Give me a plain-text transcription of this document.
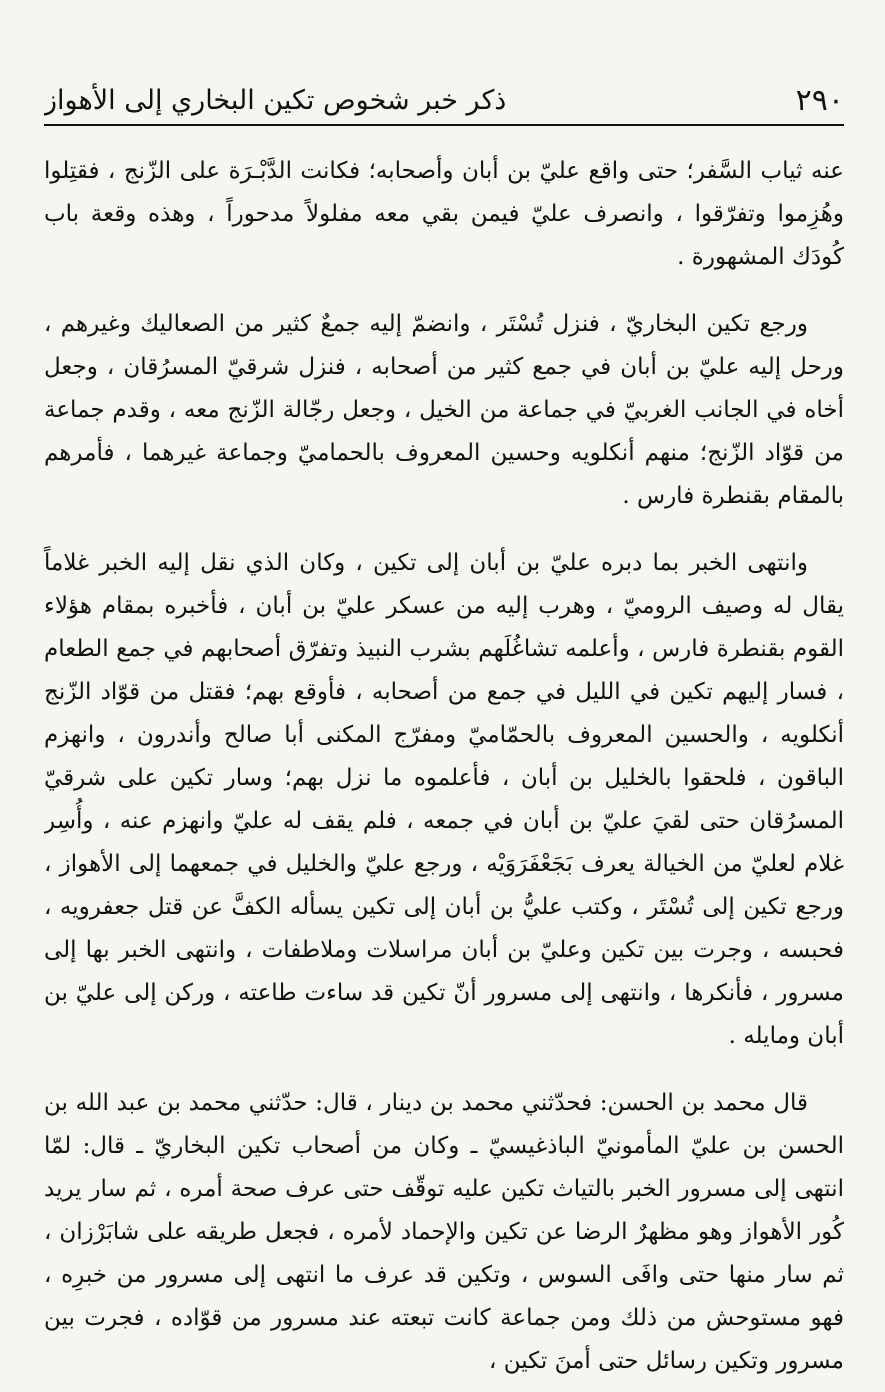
٢٩٠
ذكر خبر شخوص تكين البخاري إلى الأهواز

عنه ثياب السَّفر؛ حتى واقع عليّ بن أبان وأصحابه؛ فكانت الدَّبْـرَة على الزّنج ، فقتِلوا وهُزِموا وتفرّقوا ، وانصرف عليّ فيمن بقي معه مفلولاً مدحوراً ، وهذه وقعة باب كُودَك المشهورة .

ورجع تكين البخاريّ ، فنزل تُسْتَر ، وانضمّ إليه جمعٌ كثير من الصعاليك وغيرهم ، ورحل إليه عليّ بن أبان في جمع كثير من أصحابه ، فنزل شرقيّ المسرُقان ، وجعل أخاه في الجانب الغربيّ في جماعة من الخيل ، وجعل رجّالة الزّنج معه ، وقدم جماعة من قوّاد الزّنج؛ منهم أنكلويه وحسين المعروف بالحماميّ وجماعة غيرهما ، فأمرهم بالمقام بقنطرة فارس .

وانتهى الخبر بما دبره عليّ بن أبان إلى تكين ، وكان الذي نقل إليه الخبر غلاماً يقال له وصيف الروميّ ، وهرب إليه من عسكر عليّ بن أبان ، فأخبره بمقام هؤلاء القوم بقنطرة فارس ، وأعلمه تشاغُلَهم بشرب النبيذ وتفرّق أصحابهم في جمع الطعام ، فسار إليهم تكين في الليل في جمع من أصحابه ، فأوقع بهم؛ فقتل من قوّاد الزّنج أنكلويه ، والحسين المعروف بالحمّاميّ ومفرّج المكنى أبا صالح وأندرون ، وانهزم الباقون ، فلحقوا بالخليل بن أبان ، فأعلموه ما نزل بهم؛ وسار تكين على شرقيّ المسرُقان حتى لقيَ عليّ بن أبان في جمعه ، فلم يقف له عليّ وانهزم عنه ، وأُسِر غلام لعليّ من الخيالة يعرف بَجَعْفَرَوَيْه ، ورجع عليّ والخليل في جمعهما إلى الأهواز ، ورجع تكين إلى تُسْتَر ، وكتب عليُّ بن أبان إلى تكين يسأله الكفَّ عن قتل جعفرويه ، فحبسه ، وجرت بين تكين وعليّ بن أبان مراسلات وملاطفات ، وانتهى الخبر بها إلى مسرور ، فأنكرها ، وانتهى إلى مسرور أنّ تكين قد ساءت طاعته ، وركن إلى عليّ بن أبان ومايله .

قال محمد بن الحسن: فحدّثني محمد بن دينار ، قال: حدّثني محمد بن عبد الله بن الحسن بن عليّ المأمونيّ الباذغيسيّ ـ وكان من أصحاب تكين البخاريّ ـ قال: لمّا انتهى إلى مسرور الخبر بالتياث تكين عليه توقّف حتى عرف صحة أمره ، ثم سار يريد كُور الأهواز وهو مظهرٌ الرضا عن تكين والإحماد لأمره ، فجعل طريقه على شابَرْزان ، ثم سار منها حتى وافَى السوس ، وتكين قد عرف ما انتهى إلى مسرور من خبرِه ، فهو مستوحش من ذلك ومن جماعة كانت تبعته عند مسرور من قوّاده ، فجرت بين مسرور وتكين رسائل حتى أمنَ تكين ،
